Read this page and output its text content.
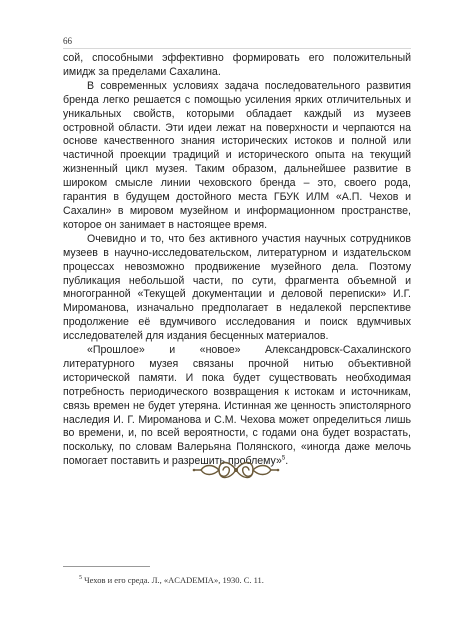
66

сой, способными эффективно формировать его положительный имидж за пределами Сахалина.

В современных условиях задача последовательного развития бренда легко решается с помощью усиления ярких отличительных и уникальных свойств, которыми обладает каждый из музеев островной области. Эти идеи лежат на поверхности и черпаются на основе качественного знания исторических истоков и полной или частичной проекции традиций и исторического опыта на текущий жизненный цикл музея. Таким образом, дальнейшее развитие в широком смысле линии чеховского бренда – это, своего рода, гарантия в будущем достойного места ГБУК ИЛМ «А.П. Чехов и Сахалин» в мировом музейном и информационном пространстве, которое он занимает в настоящее время.

Очевидно и то, что без активного участия научных сотрудников музеев в научно-исследовательском, литературном и издательском процессах невозможно продвижение музейного дела. Поэтому публикация небольшой части, по сути, фрагмента объемной и многогранной «Текущей документации и деловой переписки» И.Г. Мироманова, изначально предполагает в недалекой перспективе продолжение её вдумчивого исследования и поиск вдумчивых исследователей для издания бесценных материалов.

«Прошлое» и «новое» Александровск-Сахалинского литературного музея связаны прочной нитью объективной исторической памяти. И пока будет существовать необходимая потребность периодического возвращения к истокам и источникам, связь времен не будет утеряна. Истинная же ценность эпистолярного наследия И. Г. Мироманова и С.М. Чехова может определиться лишь во времени, и, по всей вероятности, с годами она будет возрастать, поскольку, по словам Валерьяна Полянского, «иногда даже мелочь помогает поставить и разрешить проблему»$^5$.

$^5$ Чехов и его среда. Л., «ACADEMIA», 1930. С. 11.
